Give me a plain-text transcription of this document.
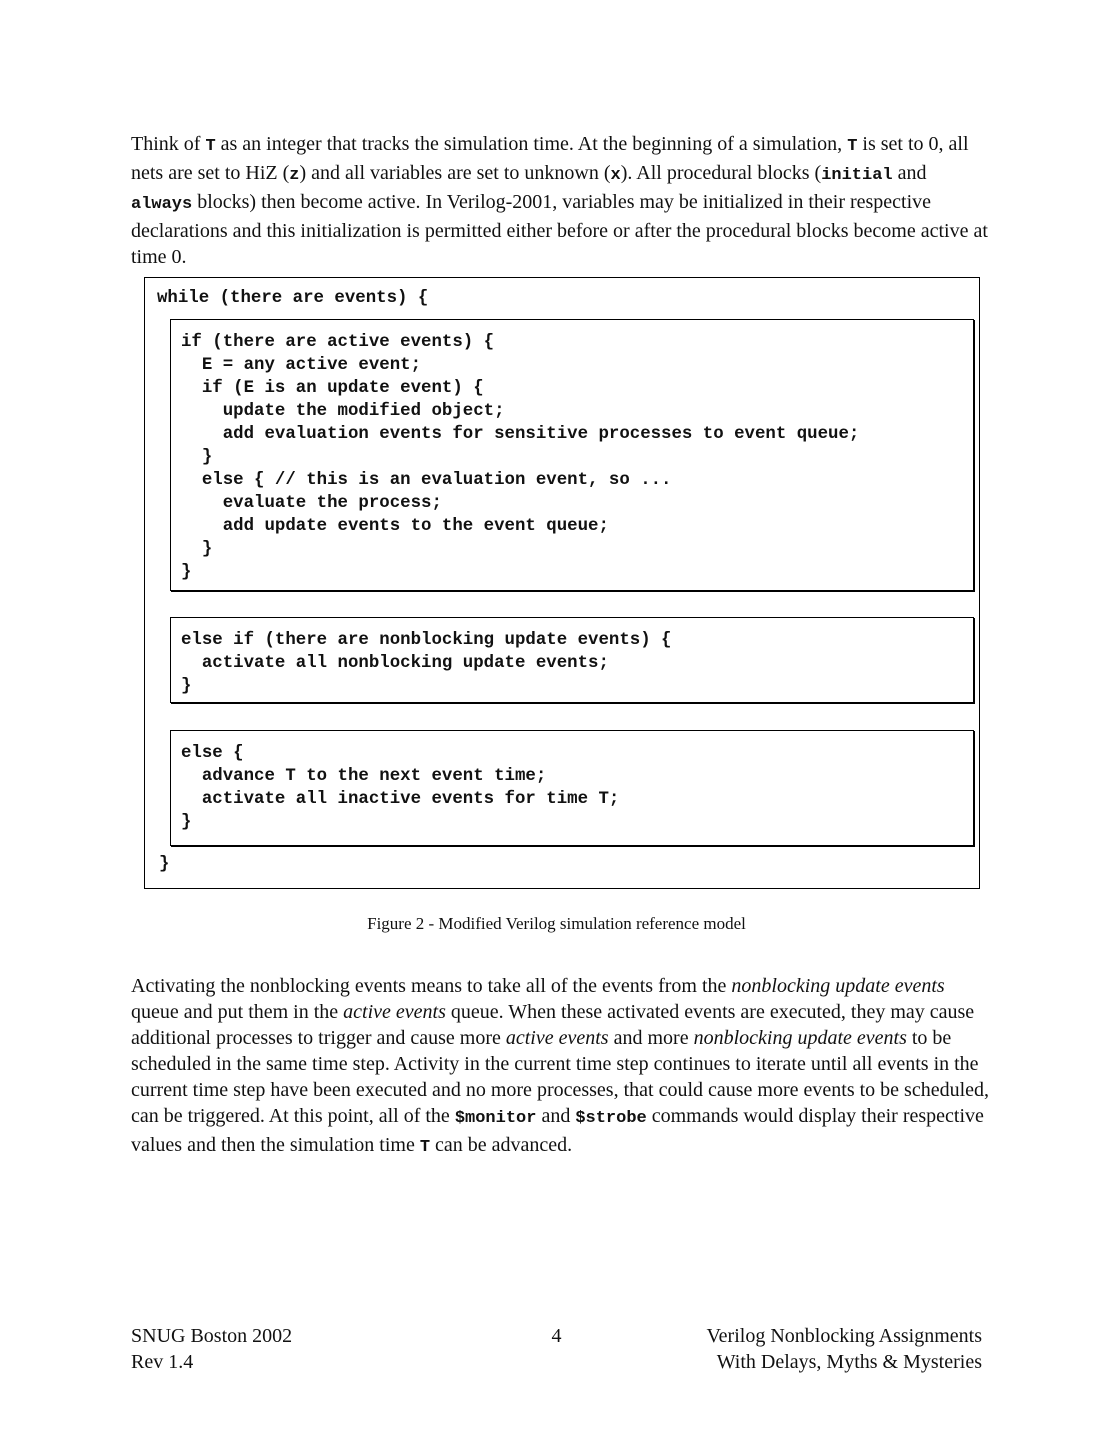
Think of T as an integer that tracks the simulation time. At the beginning of a simulation, T is set to 0, all nets are set to HiZ (z) and all variables are set to unknown (x). All procedural blocks (initial and always blocks) then become active. In Verilog-2001, variables may be initialized in their respective declarations and this initialization is permitted either before or after the procedural blocks become active at time 0.

while (there are events) {
if (there are active events) {
E = any active event;
if (E is an update event) {
update the modified object;
add evaluation events for sensitive processes to event queue;
}
else { // this is an evaluation event, so ...
evaluate the process;
add update events to the event queue;
}
}
else if (there are nonblocking update events) {
activate all nonblocking update events;
}
else {
advance T to the next event time;
activate all inactive events for time T;
}
}
Figure 2 - Modified Verilog simulation reference model

Activating the nonblocking events means to take all of the events from the nonblocking update events queue and put them in the active events queue. When these activated events are executed, they may cause additional processes to trigger and cause more active events and more nonblocking update events to be scheduled in the same time step. Activity in the current time step continues to iterate until all events in the current time step have been executed and no more processes, that could cause more events to be scheduled, can be triggered. At this point, all of the $monitor and $strobe commands would display their respective values and then the simulation time T can be advanced.

SNUG Boston 2002
Rev 1.4
4	Verilog Nonblocking Assignments
With Delays, Myths & Mysteries
